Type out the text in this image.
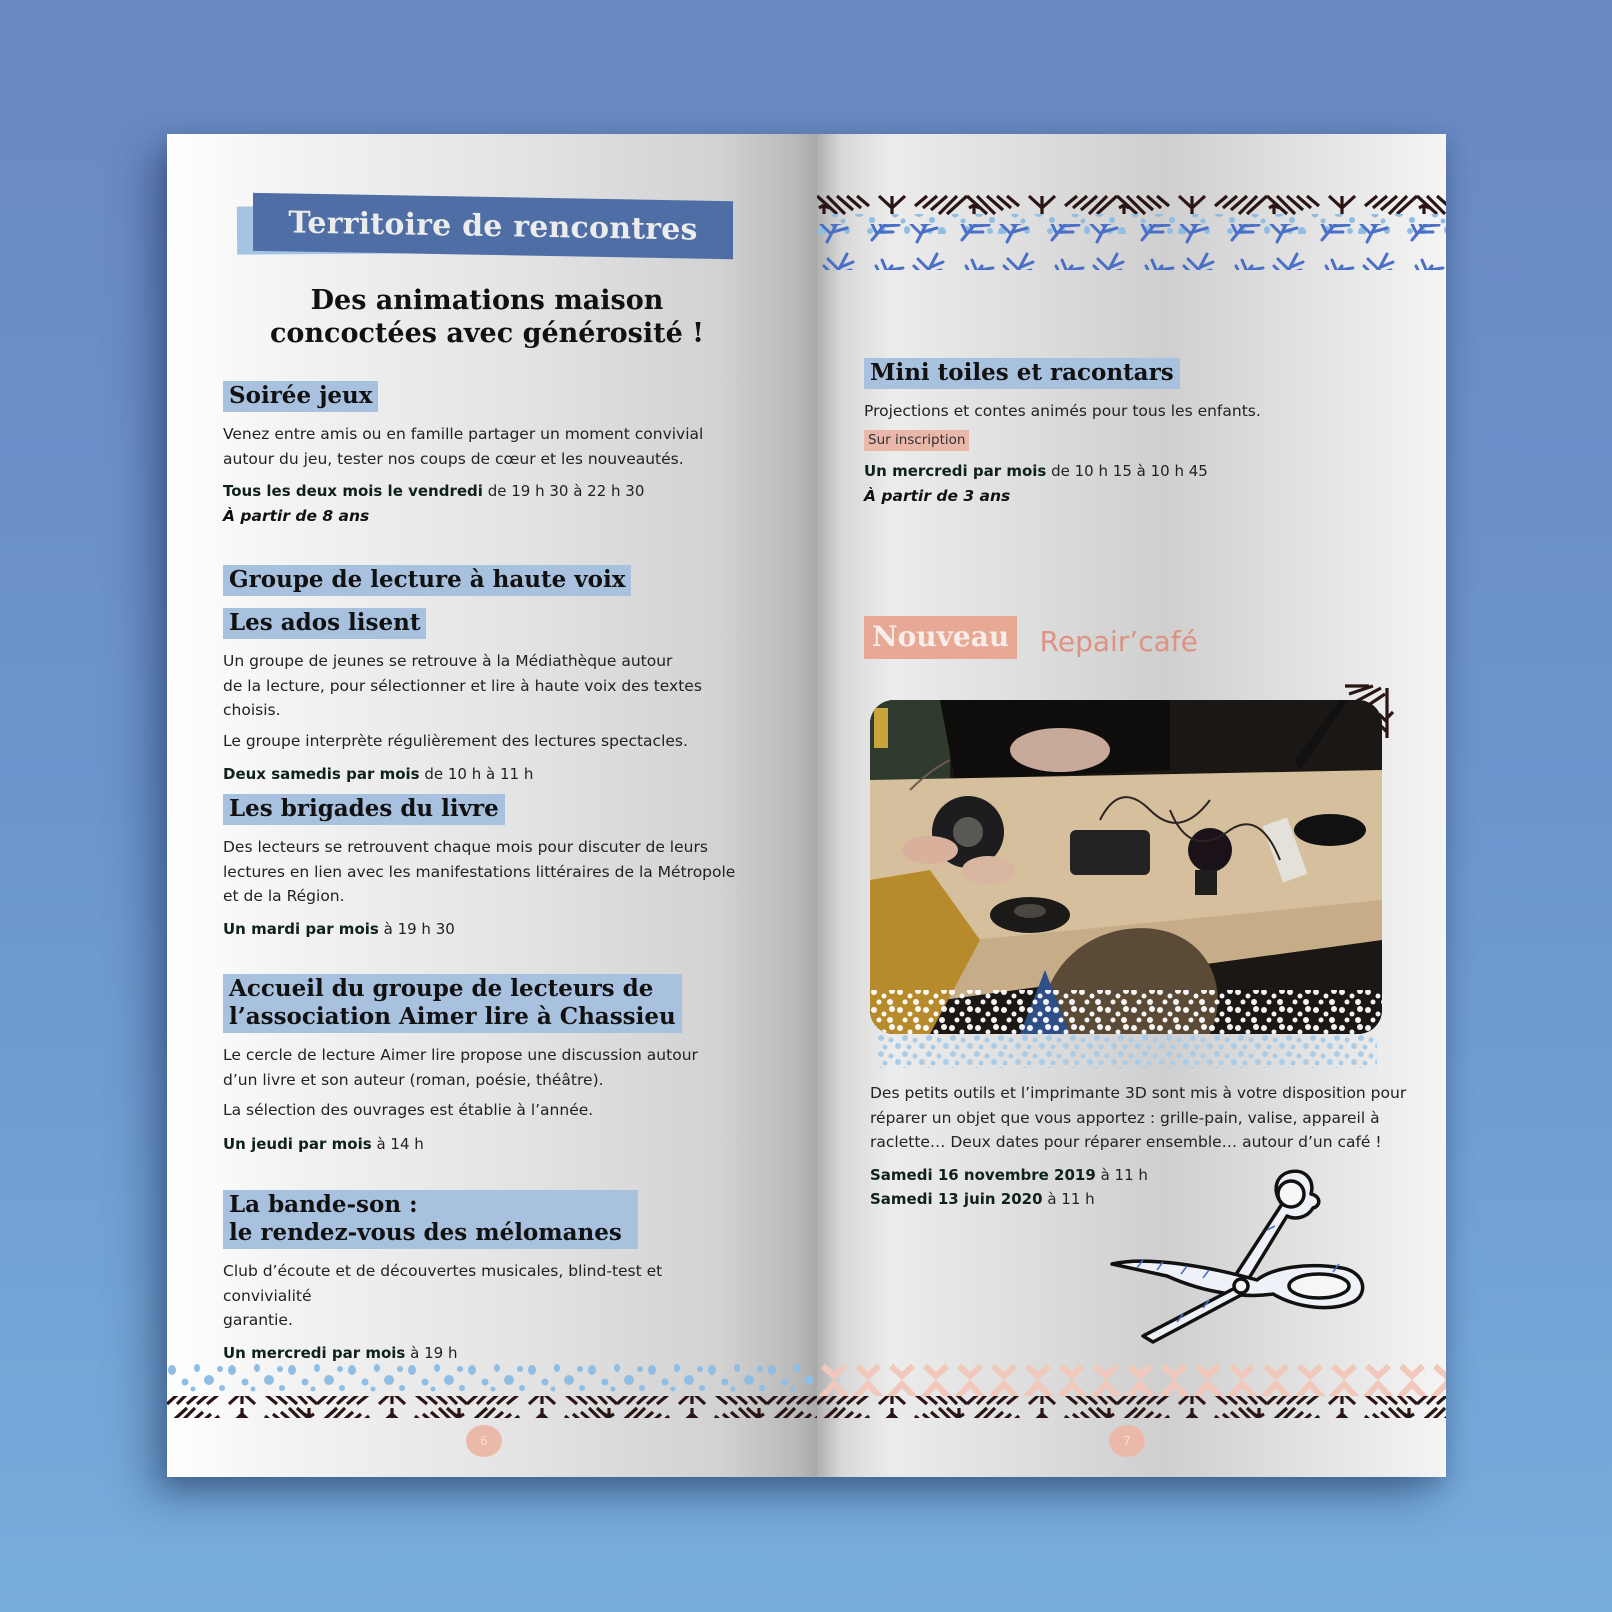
Territoire de rencontres
Des animations maison
concoctées avec générosité !
Soirée jeux
Venez entre amis ou en famille partager un moment convivial
autour du jeu, tester nos coups de cœur et les nouveautés.
Tous les deux mois le vendredi de 19 h 30 à 22 h 30
À partir de 8 ans
Groupe de lecture à haute voix
Les ados lisent
Un groupe de jeunes se retrouve à la Médiathèque autour
de la lecture, pour sélectionner et lire à haute voix des textes choisis.
Le groupe interprète régulièrement des lectures spectacles.
Deux samedis par mois de 10 h à 11 h
Les brigades du livre
Des lecteurs se retrouvent chaque mois pour discuter de leurs
lectures en lien avec les manifestations littéraires de la Métropole
et de la Région.
Un mardi par mois à 19 h 30
Accueil du groupe de lecteurs de
l’association Aimer lire à Chassieu
Le cercle de lecture Aimer lire propose une discussion autour
d’un livre et son auteur (roman, poésie, théâtre).
La sélection des ouvrages est établie à l’année.
Un jeudi par mois à 14 h
La bande-son :
le rendez-vous des mélomanes
Club d’écoute et de découvertes musicales, blind-test et convivialité
garantie.
Un mercredi par mois à 19 h
6
Mini toiles et racontars
Projections et contes animés pour tous les enfants.
Sur inscription
Un mercredi par mois de 10 h 15 à 10 h 45
À partir de 3 ans
Nouveau Repair’café
Des petits outils et l’imprimante 3D sont mis à votre disposition pour
réparer un objet que vous apportez : grille-pain, valise, appareil à
raclette… Deux dates pour réparer ensemble… autour d’un café !
Samedi 16 novembre 2019 à 11 h
Samedi 13 juin 2020 à 11 h
7
